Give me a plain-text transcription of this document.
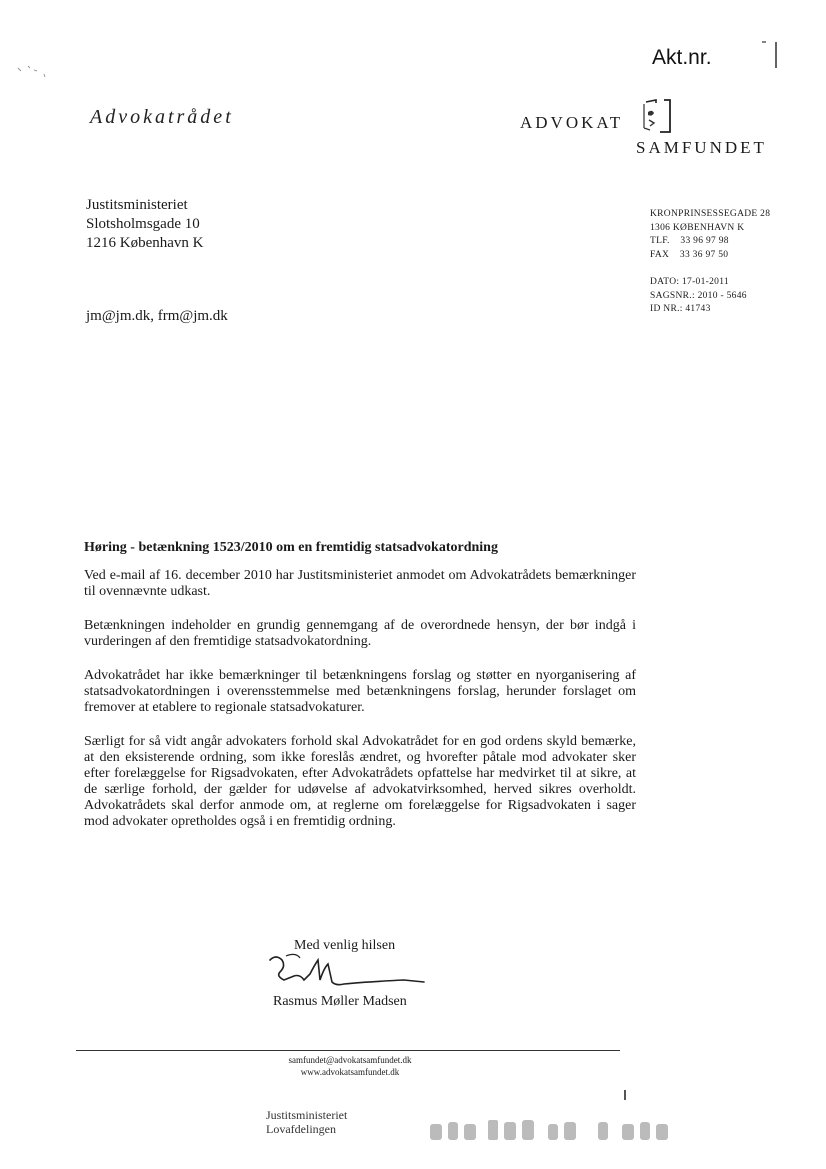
Akt.nr.
Advokatrådet	ADVOKAT
SAMFUNDET
Justitsministeriet
Slotsholmsgade 10
1216 København K
jm@jm.dk, frm@jm.dk
KRONPRINSESSEGADE 28
1306 KØBENHAVN K
TLF.    33 96 97 98
FAX    33 36 97 50
DATO: 17-01-2011
SAGSNR.: 2010 - 5646
ID NR.: 41743
Høring - betænkning 1523/2010 om en fremtidig statsadvokatordning

Ved e-mail af 16. december 2010 har Justitsministeriet anmodet om Advokatrådets bemærkninger til ovennævnte udkast.

Betænkningen indeholder en grundig gennemgang af de overordnede hensyn, der bør indgå i vurderingen af den fremtidige statsadvokatordning.

Advokatrådet har ikke bemærkninger til betænkningens forslag og støtter en nyorganisering af statsadvokatordningen i overensstemmelse med betænkningens forslag, herunder forslaget om fremover at etablere to regionale statsadvokaturer.

Særligt for så vidt angår advokaters forhold skal Advokatrådet for en god ordens skyld bemærke, at den eksisterende ordning, som ikke foreslås ændret, og hvorefter påtale mod advokater sker efter forelæggelse for Rigsadvokaten, efter Advokatrådets opfattelse har medvirket til at sikre, at de særlige forhold, der gælder for udøvelse af advokatvirksomhed, herved sikres overholdt. Advokatrådets skal derfor anmode om, at reglerne om forelæggelse for Rigsadvokaten i sager mod advokater opretholdes også i en fremtidig ordning.

Med venlig hilsen
Rasmus Møller Madsen
samfundet@advokatsamfundet.dk
www.advokatsamfundet.dk
Justitsministeriet
Lovafdelingen
